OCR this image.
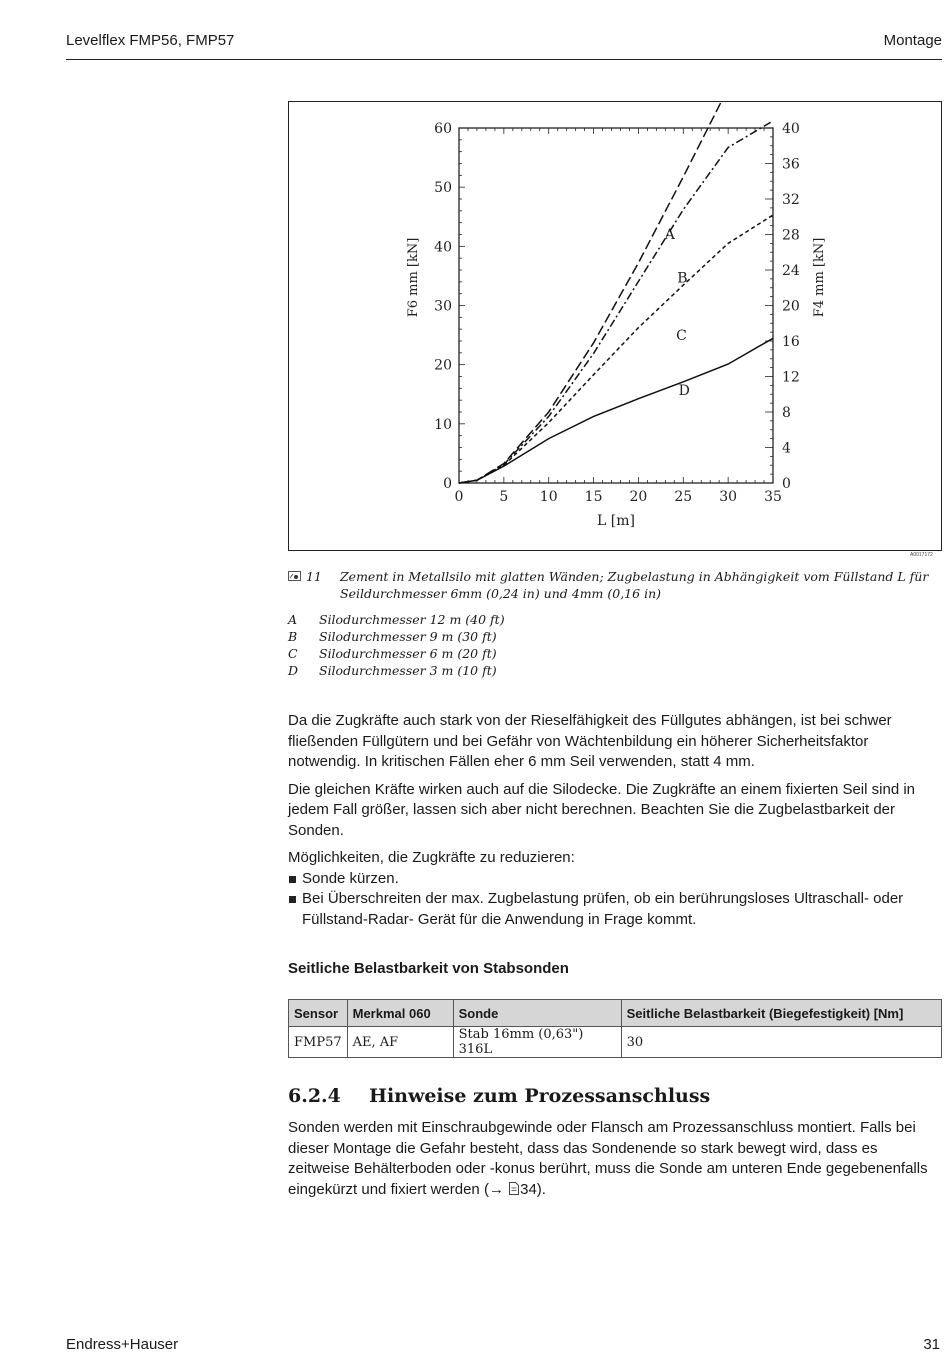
Levelflex FMP56, FMP57	Montage
0	5 10 15 20 25 30 35
0
10
20
30
40
50
60
0
4
8
12
16
20
24
28
32
36
40
L [m]
F6 mm [kN]	F4 mm [kN]
A
B
C
D
A0017172
11 Zement in Metallsilo mit glatten Wänden; Zugbelastung in Abhängigkeit vom Füllstand L für Seildurchmesser 6mm (0,24 in) und 4mm (0,16 in)
A	Silodurchmesser 12 m (40 ft)
B	Silodurchmesser 9 m (30 ft)
C	Silodurchmesser 6 m (20 ft)
D	Silodurchmesser 3 m (10 ft)

Da die Zugkräfte auch stark von der Rieselfähigkeit des Füllgutes abhängen, ist bei schwer fließenden Füllgütern und bei Gefähr von Wächtenbildung ein höherer Sicherheitsfaktor notwendig. In kritischen Fällen eher 6 mm Seil verwenden, statt 4 mm.

Die gleichen Kräfte wirken auch auf die Silodecke. Die Zugkräfte an einem fixierten Seil sind in jedem Fall größer, lassen sich aber nicht berechnen. Beachten Sie die Zugbelastbarkeit der Sonden.

Möglichkeiten, die Zugkräfte zu reduzieren:

Sonde kürzen.
Bei Überschreiten der max. Zugbelastung prüfen, ob ein berührungsloses Ultraschall- oder Füllstand-Radar- Gerät für die Anwendung in Frage kommt.
Seitliche Belastbarkeit von Stabsonden
Sensor	Merkmal 060	Sonde	Seitliche Belastbarkeit (Biegefestigkeit) [Nm]
FMP57	AE, AF	Stab 16mm (0,63") 316L	30
6.2.4 Hinweise zum Prozessanschluss
Sonden werden mit Einschraubgewinde oder Flansch am Prozessanschluss montiert. Falls bei dieser Montage die Gefahr besteht, dass das Sondenende so stark bewegt wird, dass es zeitweise Behälterboden oder -konus berührt, muss die Sonde am unteren Ende gegebenenfalls eingekürzt und fixiert werden (→ 34).
Endress+Hauser	31
